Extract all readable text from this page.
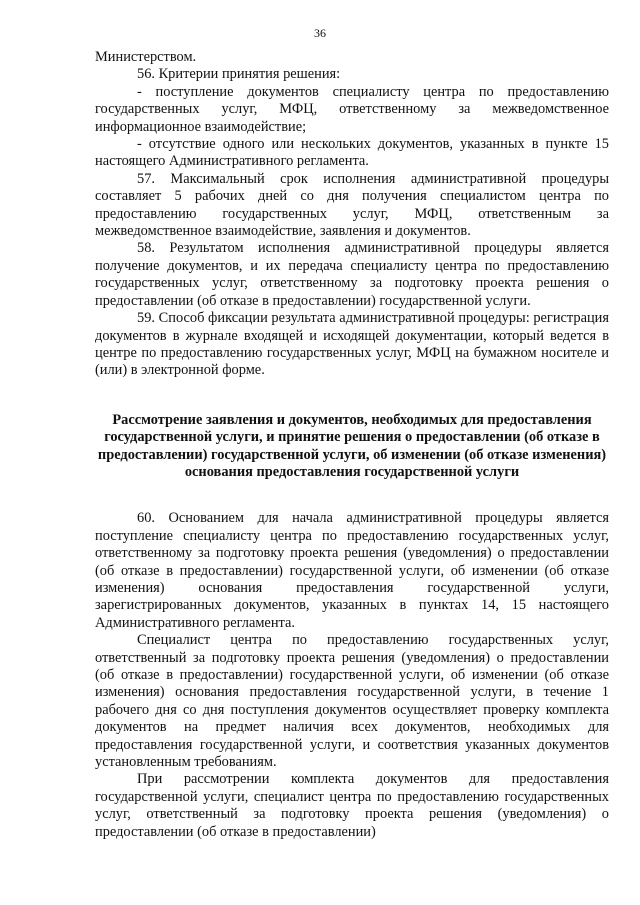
36

Министерством.

56. Критерии принятия решения:

- поступление документов специалисту центра по предоставлению государственных услуг, МФЦ, ответственному за межведомственное информационное взаимодействие;

- отсутствие одного или нескольких документов, указанных в пункте 15 настоящего Административного регламента.

57. Максимальный срок исполнения административной процедуры составляет 5 рабочих дней со дня получения специалистом центра по предоставлению государственных услуг, МФЦ, ответственным за межведомственное взаимодействие, заявления и документов.

58. Результатом исполнения административной процедуры является получение документов, и их передача специалисту центра по предоставлению государственных услуг, ответственному за подготовку проекта решения о предоставлении (об отказе в предоставлении) государственной услуги.

59. Способ фиксации результата административной процедуры: регистрация документов в журнале входящей и исходящей документации, который ведется в центре по предоставлению государственных услуг, МФЦ на бумажном носителе и (или) в электронной форме.

Рассмотрение заявления и документов, необходимых для предоставления государственной услуги, и принятие решения о предоставлении (об отказе в предоставлении) государственной услуги, об изменении (об отказе изменения) основания предоставления государственной услуги

60. Основанием для начала административной процедуры является поступление специалисту центра по предоставлению государственных услуг, ответственному за подготовку проекта решения (уведомления) о предоставлении (об отказе в предоставлении) государственной услуги, об изменении (об отказе изменения) основания предоставления государственной услуги, зарегистрированных документов, указанных в пунктах 14, 15 настоящего Административного регламента.

Специалист центра по предоставлению государственных услуг, ответственный за подготовку проекта решения (уведомления) о предоставлении (об отказе в предоставлении) государственной услуги, об изменении (об отказе изменения) основания предоставления государственной услуги, в течение 1 рабочего дня со дня поступления документов осуществляет проверку комплекта документов на предмет наличия всех документов, необходимых для предоставления государственной услуги, и соответствия указанных документов установленным требованиям.

При рассмотрении комплекта документов для предоставления государственной услуги, специалист центра по предоставлению государственных услуг, ответственный за подготовку проекта решения (уведомления) о предоставлении (об отказе в предоставлении)
